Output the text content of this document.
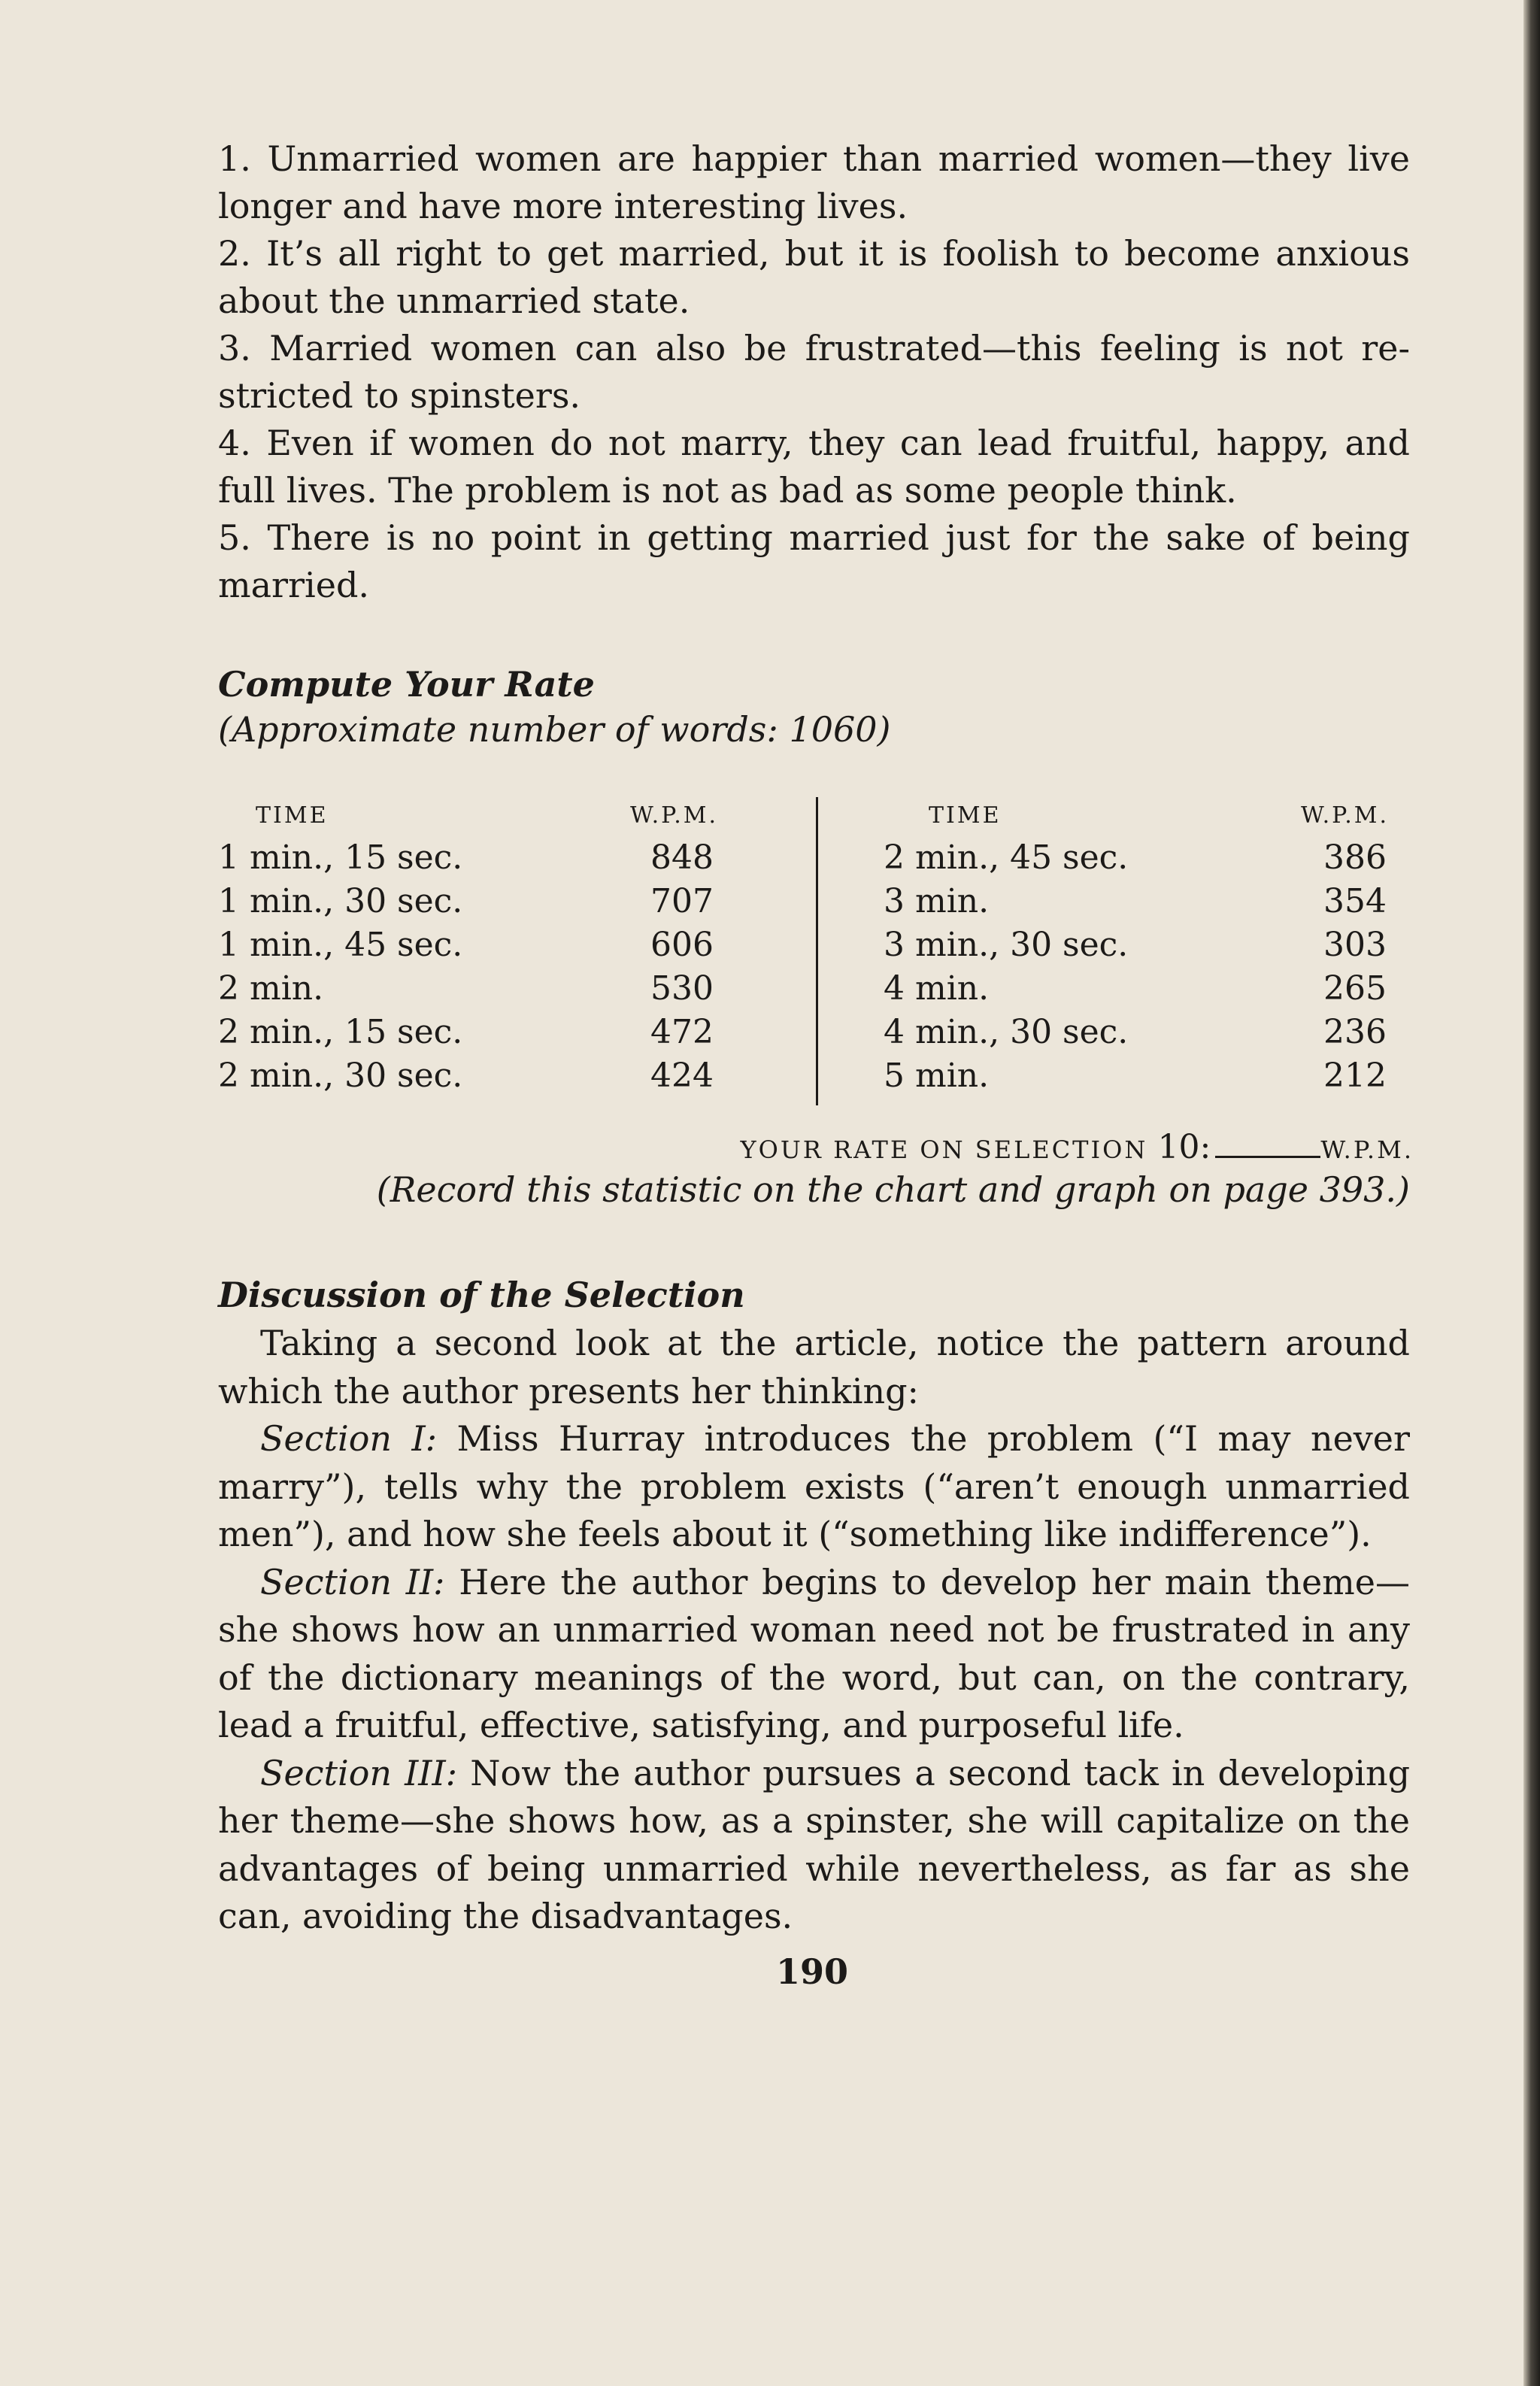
1. Unmarried women are happier than married women—they live longer and have more interesting lives.

2. It’s all right to get married, but it is foolish to become anxious about the unmarried state.

3. Married women can also be frustrated—this feeling is not re-stricted to spinsters.

4. Even if women do not marry, they can lead fruitful, happy, and full lives. The problem is not as bad as some people think.

5. There is no point in getting married just for the sake of being married.

Compute Your Rate

(Approximate number of words: 1060)

TIME	W.P.M.
1 min., 15 sec.	848
1 min., 30 sec.	707
1 min., 45 sec.	606
2 min.	530
2 min., 15 sec.	472
2 min., 30 sec.	424
TIME	W.P.M.
2 min., 45 sec.	386
3 min.	354
3 min., 30 sec.	303
4 min.	265
4 min., 30 sec.	236
5 min.	212
YOUR RATE ON SELECTION 10:	W.P.M.
(Record this statistic on the chart and graph on page 393.)

Discussion of the Selection

Taking a second look at the article, notice the pattern around which the author presents her thinking:

Section I: Miss Hurray introduces the problem (“I may never marry”), tells why the problem exists (“aren’t enough unmarried men”), and how she feels about it (“something like indifference”).

Section II: Here the author begins to develop her main theme—she shows how an unmarried woman need not be frustrated in any of the dictionary meanings of the word, but can, on the contrary, lead a fruitful, effective, satisfying, and purposeful life.

Section III: Now the author pursues a second tack in developing her theme—she shows how, as a spinster, she will capitalize on the advantages of being unmarried while nevertheless, as far as she can, avoiding the disadvantages.

190
